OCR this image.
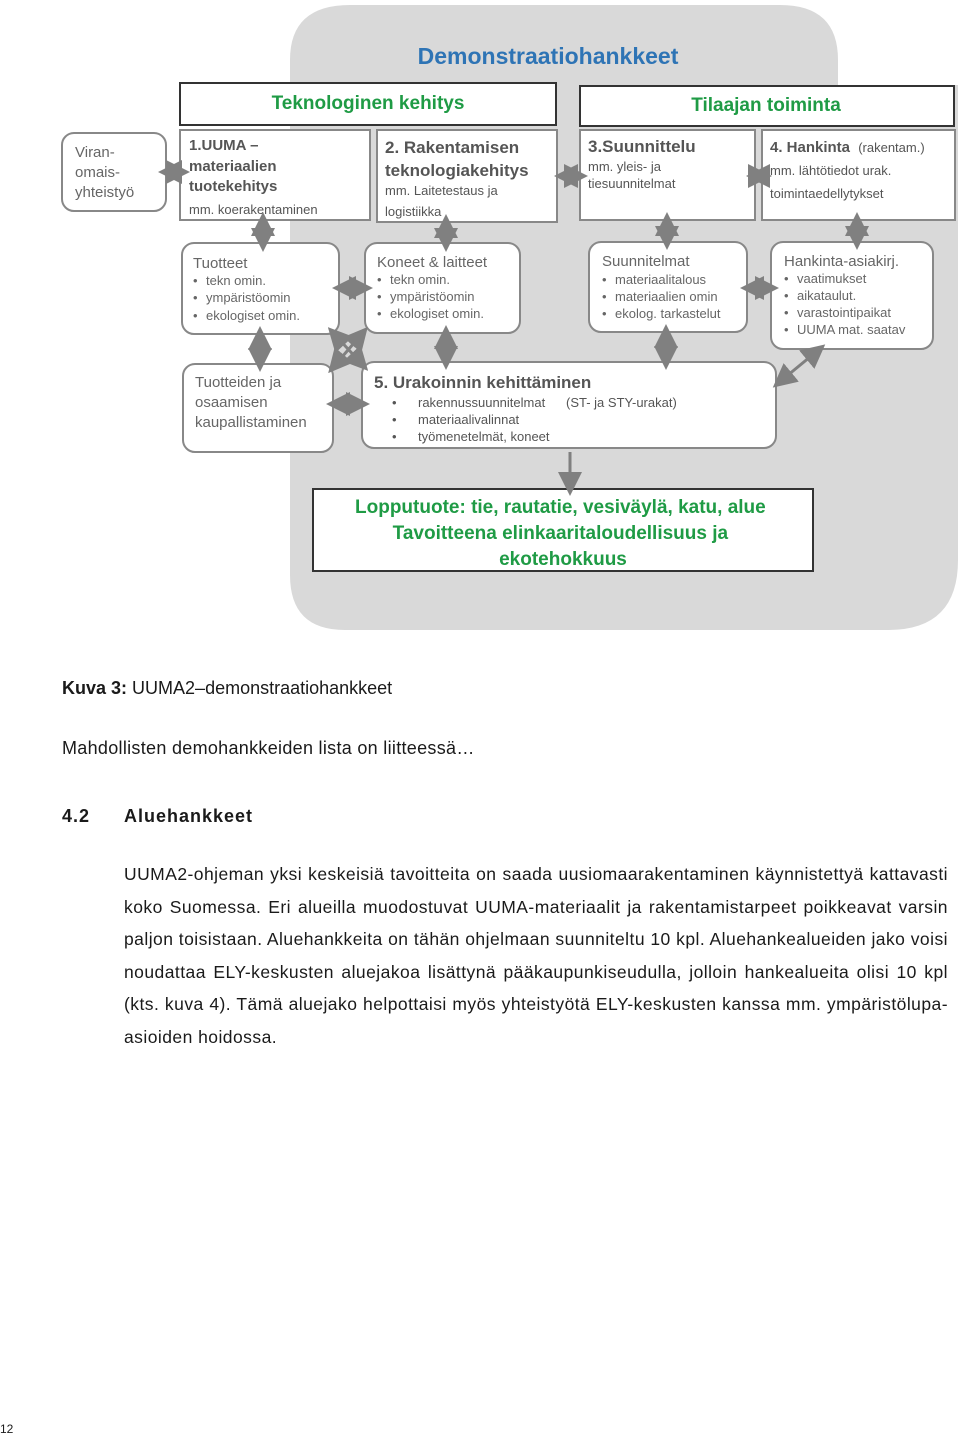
Demonstraatiohankkeet
Teknologinen kehitys	Tilaajan toiminta
Viran- omais- yhteistyö
1.UUMA – materiaalien tuotekehitys
mm. koerakentaminen
2. Rakentamisen teknologiakehitys
mm. Laitetestaus ja logistiikka
3.Suunnittelu
mm. yleis- ja tiesuunnitelmat
4. Hankinta (rakentam.)
mm. lähtötiedot urak. toimintaedellytykset
Tuotteet
• tekn omin. • ympäristöomin • ekologiset omin.
Koneet & laitteet
• tekn omin. • ympäristöomin • ekologiset omin.
Suunnitelmat
• materiaalitalous • materiaalien omin • ekolog. tarkastelut
Hankinta-asiakirj.
• vaatimukset • aikataulut. • varastointipaikat • UUMA mat. saatav
Tuotteiden ja osaamisen kaupallistaminen
5. Urakoinnin kehittäminen
• rakennussuunnitelmat • materiaalivalinnat • työmenetelmät, koneet
(ST- ja STY-urakat)
Lopputuote: tie, rautatie, vesiväylä, katu, alue Tavoitteena elinkaaritaloudellisuus ja ekotehokkuus
Kuva 3: UUMA2–demonstraatiohankkeet
Mahdollisten demohankkeiden lista on liitteessä…
4.2 Aluehankkeet
UUMA2-ohjeman yksi keskeisiä tavoitteita on saada uusiomaarakentaminen käynnistettyä kattavasti koko Suomessa. Eri alueilla muodostuvat UUMA-materiaalit ja rakentamistarpeet poikkeavat varsin paljon toisistaan. Aluehankkeita on tähän ohjelmaan suunniteltu 10 kpl. Aluehankealueiden jako voisi noudattaa ELY-keskusten aluejakoa lisättynä pääkaupunkiseudulla, jolloin hankealueita olisi 10 kpl (kts. kuva 4). Tämä aluejako helpottaisi myös yhteistyötä ELY-keskusten kanssa mm. ympäristölupa-asioiden hoidossa.
12
